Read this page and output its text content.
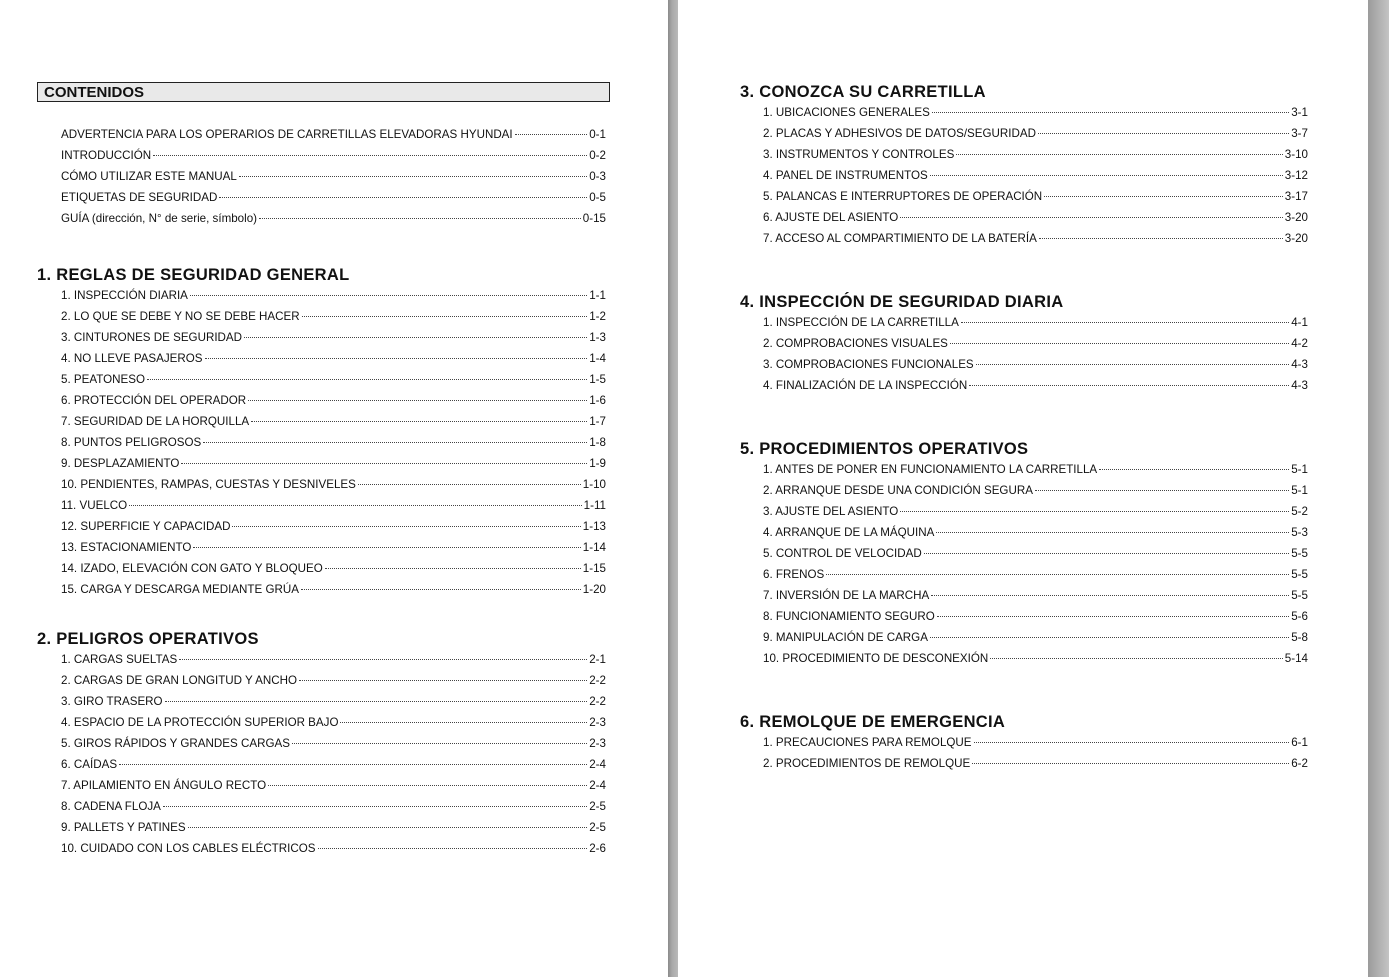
CONTENIDOS
ADVERTENCIA PARA LOS OPERARIOS DE CARRETILLAS ELEVADORAS HYUNDAI	0-1
INTRODUCCIÓN	0-2
CÓMO UTILIZAR ESTE MANUAL	0-3
ETIQUETAS DE SEGURIDAD	0-5
GUÍA (dirección, N° de serie, símbolo)	0-15
1. REGLAS DE SEGURIDAD GENERAL
1. INSPECCIÓN DIARIA	1-1
2. LO QUE SE DEBE Y NO SE DEBE HACER	1-2
3. CINTURONES DE SEGURIDAD	1-3
4. NO LLEVE PASAJEROS	1-4
5. PEATONESO	1-5
6. PROTECCIÓN DEL OPERADOR	1-6
7. SEGURIDAD DE LA HORQUILLA	1-7
8. PUNTOS PELIGROSOS	1-8
9. DESPLAZAMIENTO	1-9
10. PENDIENTES, RAMPAS, CUESTAS Y DESNIVELES	1-10
11. VUELCO	1-11
12. SUPERFICIE Y CAPACIDAD	1-13
13. ESTACIONAMIENTO	1-14
14. IZADO, ELEVACIÓN CON GATO Y BLOQUEO	1-15
15. CARGA Y DESCARGA MEDIANTE GRÚA	1-20
2. PELIGROS OPERATIVOS
1. CARGAS SUELTAS	2-1
2. CARGAS DE GRAN LONGITUD Y ANCHO	2-2
3. GIRO TRASERO	2-2
4. ESPACIO DE LA PROTECCIÓN SUPERIOR BAJO	2-3
5. GIROS RÁPIDOS Y GRANDES CARGAS	2-3
6. CAÍDAS	2-4
7. APILAMIENTO EN ÁNGULO RECTO	2-4
8. CADENA FLOJA	2-5
9. PALLETS Y PATINES	2-5
10. CUIDADO CON LOS CABLES ELÉCTRICOS	2-6
3. CONOZCA SU CARRETILLA
1. UBICACIONES GENERALES	3-1
2. PLACAS Y ADHESIVOS DE DATOS/SEGURIDAD	3-7
3. INSTRUMENTOS Y CONTROLES	3-10
4. PANEL DE INSTRUMENTOS	3-12
5. PALANCAS E INTERRUPTORES DE OPERACIÓN	3-17
6. AJUSTE DEL ASIENTO	3-20
7. ACCESO AL COMPARTIMIENTO DE LA BATERÍA	3-20
4. INSPECCIÓN DE SEGURIDAD DIARIA
1. INSPECCIÓN DE LA CARRETILLA	4-1
2. COMPROBACIONES VISUALES	4-2
3. COMPROBACIONES FUNCIONALES	4-3
4. FINALIZACIÓN DE LA INSPECCIÓN	4-3
5. PROCEDIMIENTOS OPERATIVOS
1. ANTES DE PONER EN FUNCIONAMIENTO LA CARRETILLA	5-1
2. ARRANQUE DESDE UNA CONDICIÓN SEGURA	5-1
3. AJUSTE DEL ASIENTO	5-2
4. ARRANQUE DE LA MÁQUINA	5-3
5. CONTROL DE VELOCIDAD	5-5
6. FRENOS	5-5
7. INVERSIÓN DE LA MARCHA	5-5
8. FUNCIONAMIENTO SEGURO	5-6
9. MANIPULACIÓN DE CARGA	5-8
10. PROCEDIMIENTO DE DESCONEXIÓN	5-14
6. REMOLQUE DE EMERGENCIA
1. PRECAUCIONES PARA REMOLQUE	6-1
2. PROCEDIMIENTOS DE REMOLQUE	6-2
